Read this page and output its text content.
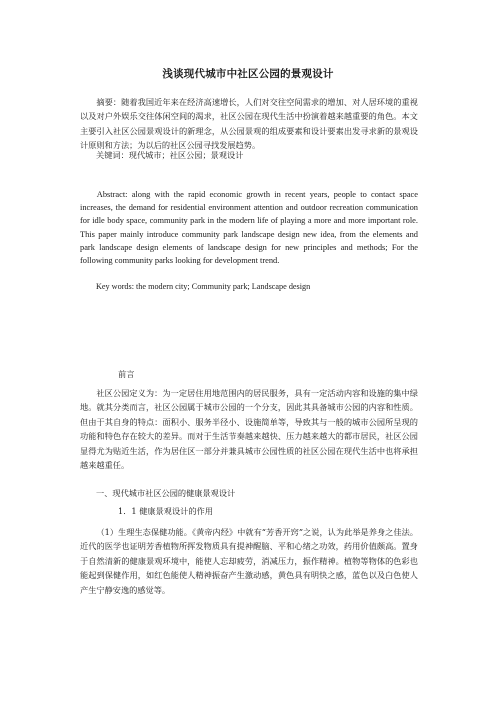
浅谈现代城市中社区公园的景观设计

摘要：随着我国近年来在经济高速增长，人们对交往空间需求的增加、对人居环境的重视以及对户外娱乐交往体闲空间的渴求，社区公园在现代生活中扮演着越来越重要的角色。本文主要引入社区公园景观设计的新理念，从公园景观的组成要素和设计要素出发寻求新的景观设计原则和方法；为以后的社区公园寻找发展趋势。

关键词：现代城市；社区公园；景观设计

Abstract: along with the rapid economic growth in recent years, people to contact space increases, the demand for residential environment attention and outdoor recreation communication for idle body space, community park in the modern life of playing a more and more important role. This paper mainly introduce community park landscape design new idea, from the elements and park landscape design elements of landscape design for new principles and methods; For the following community parks looking for development trend.

Key words: the modern city; Community park; Landscape design

前言

社区公园定义为：为一定居住用地范围内的居民服务，具有一定活动内容和设施的集中绿地。就其分类而言，社区公园属于城市公园的一个分支，因此其具备城市公园的内容和性质。但由于其自身的特点：面积小、服务半径小、设施简单等，导致其与一般的城市公园所呈现的功能和特色存在较大的差异。而对于生活节奏越来越快、压力越来越大的都市居民，社区公园显得尤为贴近生活，作为居住区一部分并兼具城市公园性质的社区公园在现代生活中也将承担越来越重任。

一、现代城市社区公园的健康景观设计

1．1 健康景观设计的作用

（1）生理生态保健功能。《黄帝内经》中就有“芳香开窍”之说，认为此举是养身之佳法。近代的医学也证明芳香植物所挥发物质具有提神醒脑、平和心绪之功效，药用价值颇高。置身于自然清新的健康景观环境中，能使人忘却疲劳，消减压力，振作精神。植物等物体的色彩也能起到保健作用，如红色能使人精神振奋产生激动感，黄色具有明快之感，蓝色以及白色使人产生宁静安逸的感觉等。
